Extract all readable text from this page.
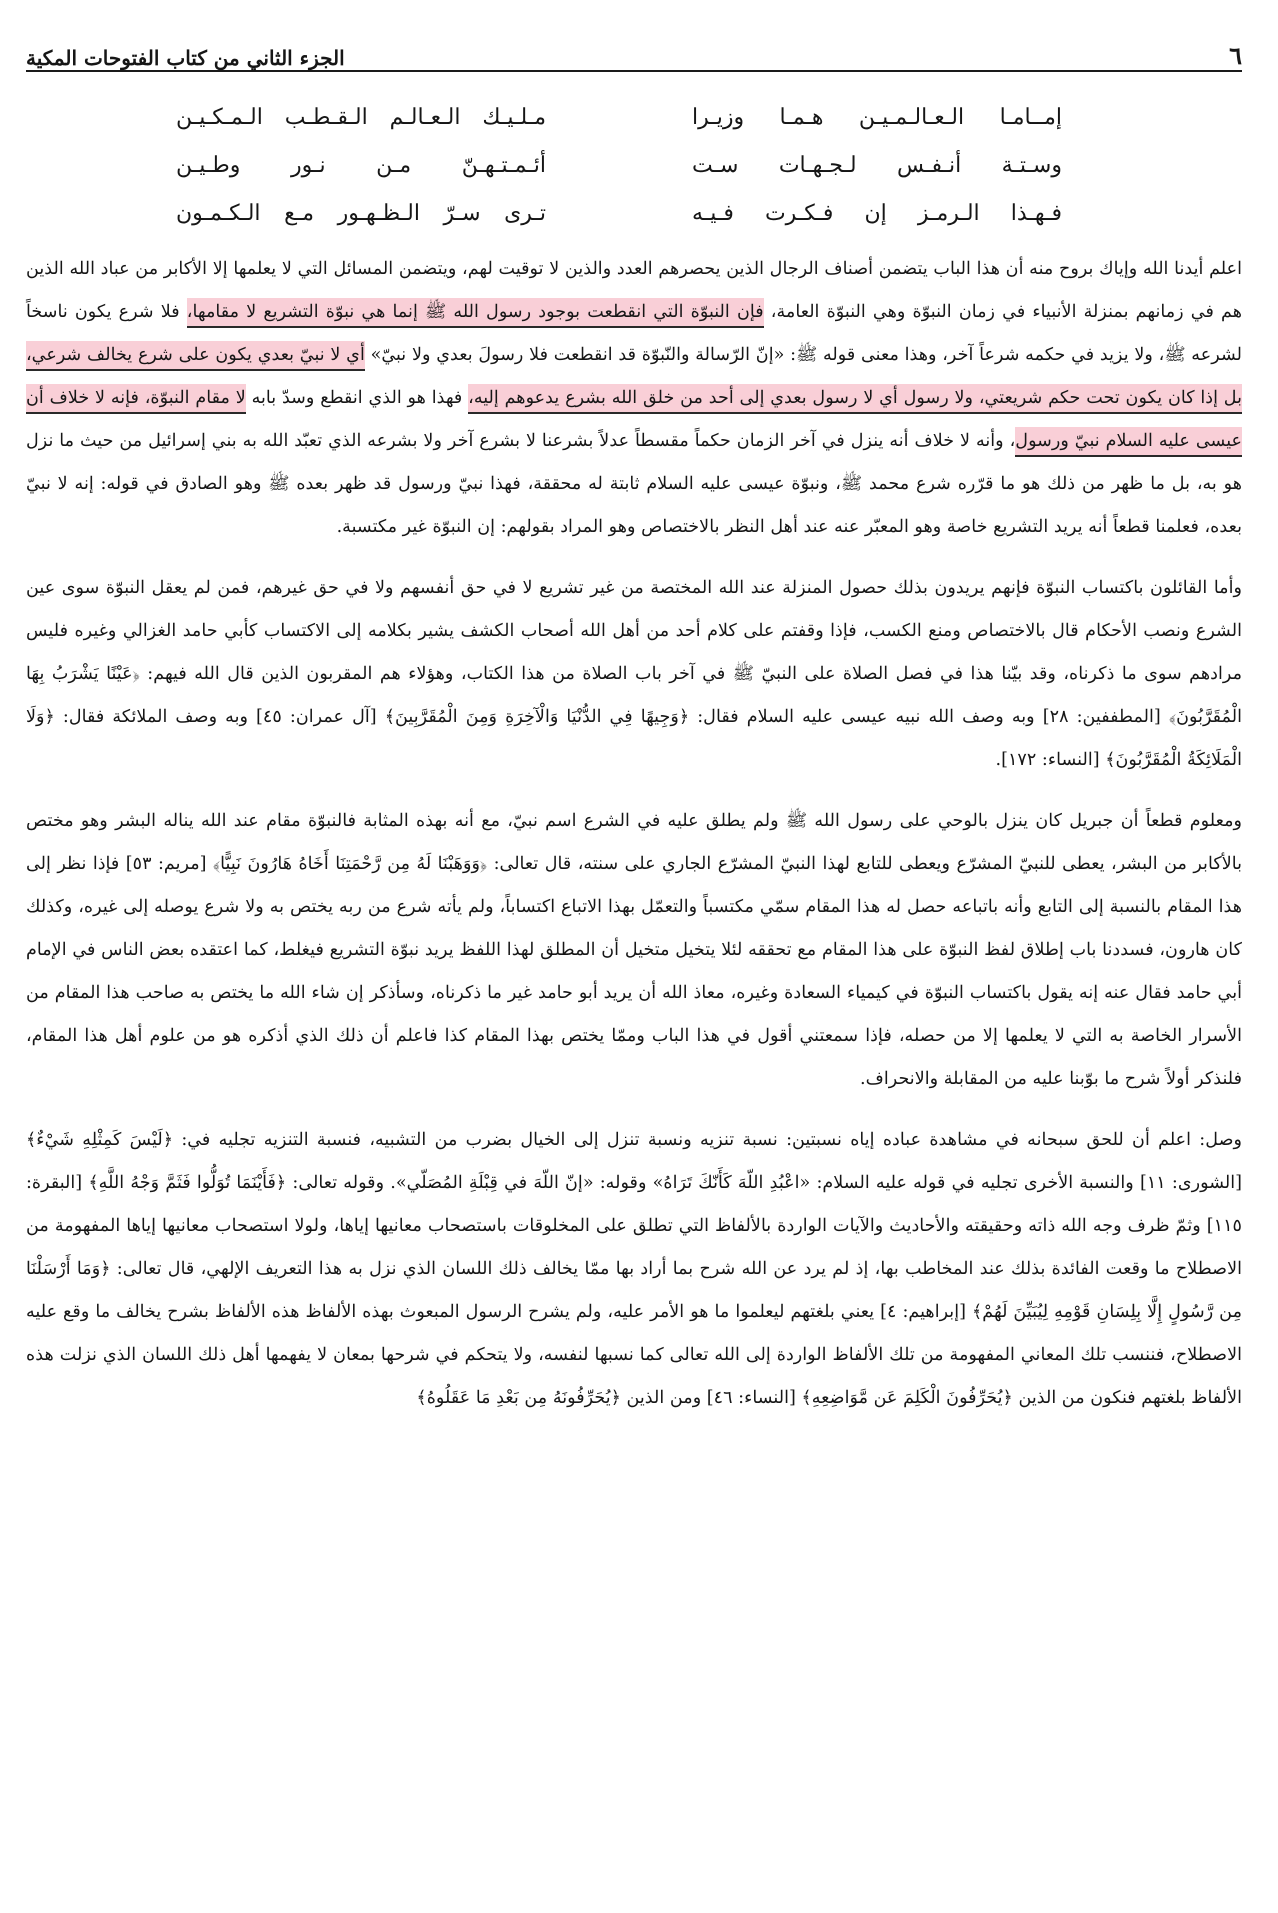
٦
الجزء الثاني من كتاب الفتوحات المكية
إمــامـا الـعـالـمـيـن هـمـا وزيـرا
مـلـيـك الـعـالـم الـقـطـب الـمـكـيـن
وسـتـة أنـفـس لـجـهـات سـت
أئـمـتـهـنّ مـن نـور وطـيـن
فـهـذا الـرمـز إن فـكـرت فـيـه
تـرى سـرّ الـظـهـور مـع الـكـمـون

اعلم أيدنا الله وإياك بروح منه أن هذا الباب يتضمن أصناف الرجال الذين يحصرهم العدد والذين لا توقيت لهم، ويتضمن المسائل التي لا يعلمها إلا الأكابر من عباد الله الذين هم في زمانهم بمنزلة الأنبياء في زمان النبوّة وهي النبوّة العامة، فإن النبوّة التي انقطعت بوجود رسول الله ﷺ إنما هي نبوّة التشريع لا مقامها، فلا شرع يكون ناسخاً لشرعه ﷺ، ولا يزيد في حكمه شرعاً آخر، وهذا معنى قوله ﷺ: «إنّ الرّسالة والنّبوّة قد انقطعت فلا رسولَ بعدي ولا نبيّ» أي لا نبيّ بعدي يكون على شرع يخالف شرعي، بل إذا كان يكون تحت حكم شريعتي، ولا رسول أي لا رسول بعدي إلى أحد من خلق الله بشرع يدعوهم إليه، فهذا هو الذي انقطع وسدّ بابه لا مقام النبوّة، فإنه لا خلاف أن عيسى عليه السلام نبيّ ورسول، وأنه لا خلاف أنه ينزل في آخر الزمان حكماً مقسطاً عدلاً بشرعنا لا بشرع آخر ولا بشرعه الذي تعبّد الله به بني إسرائيل من حيث ما نزل هو به، بل ما ظهر من ذلك هو ما قرّره شرع محمد ﷺ، ونبوّة عيسى عليه السلام ثابتة له محققة، فهذا نبيّ ورسول قد ظهر بعده ﷺ وهو الصادق في قوله: إنه لا نبيّ بعده، فعلمنا قطعاً أنه يريد التشريع خاصة وهو المعبّر عنه عند أهل النظر بالاختصاص وهو المراد بقولهم: إن النبوّة غير مكتسبة.

وأما القائلون باكتساب النبوّة فإنهم يريدون بذلك حصول المنزلة عند الله المختصة من غير تشريع لا في حق أنفسهم ولا في حق غيرهم، فمن لم يعقل النبوّة سوى عين الشرع ونصب الأحكام قال بالاختصاص ومنع الكسب، فإذا وقفتم على كلام أحد من أهل الله أصحاب الكشف يشير بكلامه إلى الاكتساب كأبي حامد الغزالي وغيره فليس مرادهم سوى ما ذكرناه، وقد بيّنا هذا في فصل الصلاة على النبيّ ﷺ في آخر باب الصلاة من هذا الكتاب، وهؤلاء هم المقربون الذين قال الله فيهم: ﴿عَيْنًا يَشْرَبُ بِهَا الْمُقَرَّبُونَ﴾ [المطففين: ٢٨] وبه وصف الله نبيه عيسى عليه السلام فقال: ﴿وَجِيهًا فِي الدُّنْيَا وَالْآخِرَةِ وَمِنَ الْمُقَرَّبِينَ﴾ [آل عمران: ٤٥] وبه وصف الملائكة فقال: ﴿وَلَا الْمَلَائِكَةُ الْمُقَرَّبُونَ﴾ [النساء: ١٧٢].

ومعلوم قطعاً أن جبريل كان ينزل بالوحي على رسول الله ﷺ ولم يطلق عليه في الشرع اسم نبيّ، مع أنه بهذه المثابة فالنبوّة مقام عند الله يناله البشر وهو مختص بالأكابر من البشر، يعطى للنبيّ المشرّع ويعطى للتابع لهذا النبيّ المشرّع الجاري على سنته، قال تعالى: ﴿وَوَهَبْنَا لَهُ مِن رَّحْمَتِنَا أَخَاهُ هَارُونَ نَبِيًّا﴾ [مريم: ٥٣] فإذا نظر إلى هذا المقام بالنسبة إلى التابع وأنه باتباعه حصل له هذا المقام سمّي مكتسباً والتعمّل بهذا الاتباع اكتساباً، ولم يأته شرع من ربه يختص به ولا شرع يوصله إلى غيره، وكذلك كان هارون، فسددنا باب إطلاق لفظ النبوّة على هذا المقام مع تحققه لئلا يتخيل متخيل أن المطلق لهذا اللفظ يريد نبوّة التشريع فيغلط، كما اعتقده بعض الناس في الإمام أبي حامد فقال عنه إنه يقول باكتساب النبوّة في كيمياء السعادة وغيره، معاذ الله أن يريد أبو حامد غير ما ذكرناه، وسأذكر إن شاء الله ما يختص به صاحب هذا المقام من الأسرار الخاصة به التي لا يعلمها إلا من حصله، فإذا سمعتني أقول في هذا الباب وممّا يختص بهذا المقام كذا فاعلم أن ذلك الذي أذكره هو من علوم أهل هذا المقام، فلنذكر أولاً شرح ما بوّبنا عليه من المقابلة والانحراف.

وصل: اعلم أن للحق سبحانه في مشاهدة عباده إياه نسبتين: نسبة تنزيه ونسبة تنزل إلى الخيال بضرب من التشبيه، فنسبة التنزيه تجليه في: ﴿لَيْسَ كَمِثْلِهِ شَيْءٌ﴾ [الشورى: ١١] والنسبة الأخرى تجليه في قوله عليه السلام: «اعْبُدِ اللّهَ كَأَنّكَ تَرَاهُ» وقوله: «إنّ اللّهَ في قِبْلَةِ المُصَلّي». وقوله تعالى: ﴿فَأَيْنَمَا تُوَلُّوا فَثَمَّ وَجْهُ اللَّهِ﴾ [البقرة: ١١٥] وثمّ ظرف وجه الله ذاته وحقيقته والأحاديث والآيات الواردة بالألفاظ التي تطلق على المخلوقات باستصحاب معانيها إياها، ولولا استصحاب معانيها إياها المفهومة من الاصطلاح ما وقعت الفائدة بذلك عند المخاطب بها، إذ لم يرد عن الله شرح بما أراد بها ممّا يخالف ذلك اللسان الذي نزل به هذا التعريف الإلهي، قال تعالى: ﴿وَمَا أَرْسَلْنَا مِن رَّسُولٍ إِلَّا بِلِسَانِ قَوْمِهِ لِيُبَيِّنَ لَهُمْ﴾ [إبراهيم: ٤] يعني بلغتهم ليعلموا ما هو الأمر عليه، ولم يشرح الرسول المبعوث بهذه الألفاظ هذه الألفاظ بشرح يخالف ما وقع عليه الاصطلاح، فننسب تلك المعاني المفهومة من تلك الألفاظ الواردة إلى الله تعالى كما نسبها لنفسه، ولا يتحكم في شرحها بمعان لا يفهمها أهل ذلك اللسان الذي نزلت هذه الألفاظ بلغتهم فنكون من الذين ﴿يُحَرِّفُونَ الْكَلِمَ عَن مَّوَاضِعِهِ﴾ [النساء: ٤٦] ومن الذين ﴿يُحَرِّفُونَهُ مِن بَعْدِ مَا عَقَلُوهُ﴾
